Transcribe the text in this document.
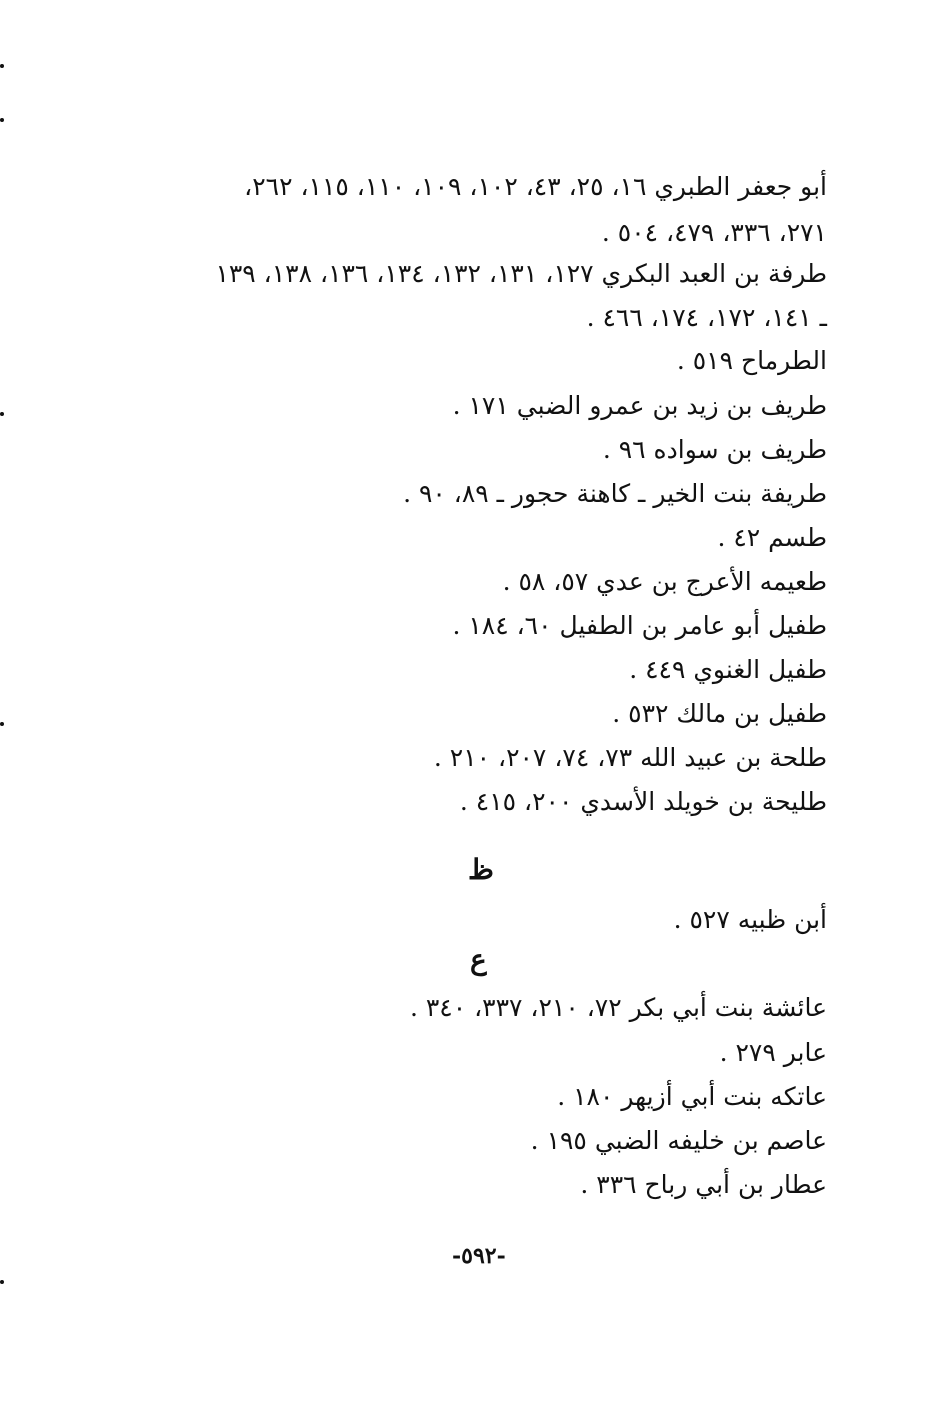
أبو جعفر الطبري ١٦، ٢٥، ٤٣، ١٠٢، ١٠٩، ١١٠، ١١٥، ٢٦٢،
٢٧١، ٣٣٦، ٤٧٩، ٥٠٤ .
طرفة بن العبد البكري ١٢٧، ١٣١، ١٣٢، ١٣٤، ١٣٦، ١٣٨، ١٣٩
ـ ١٤١، ١٧٢، ١٧٤، ٤٦٦ .
الطرماح ٥١٩ .
طريف بن زيد بن عمرو الضبي ١٧١ .
طريف بن سواده ٩٦ .
طريفة بنت الخير ـ كاهنة حجور ـ ٨٩، ٩٠ .
طسم ٤٢ .
طعيمه الأعرج بن عدي ٥٧، ٥٨ .
طفيل أبو عامر بن الطفيل ٦٠، ١٨٤ .
طفيل الغنوي ٤٤٩ .
طفيل بن مالك ٥٣٢ .
طلحة بن عبيد الله ٧٣، ٧٤، ٢٠٧، ٢١٠ .
طليحة بن خويلد الأسدي ٢٠٠، ٤١٥ .
ظ
أبن ظبيه ٥٢٧ .
ع
عائشة بنت أبي بكر ٧٢، ٢١٠، ٣٣٧، ٣٤٠ .
عابر ٢٧٩ .
عاتكه بنت أبي أزيهر ١٨٠ .
عاصم بن خليفه الضبي ١٩٥ .
عطار بن أبي رباح ٣٣٦ .
-٥٩٢-
